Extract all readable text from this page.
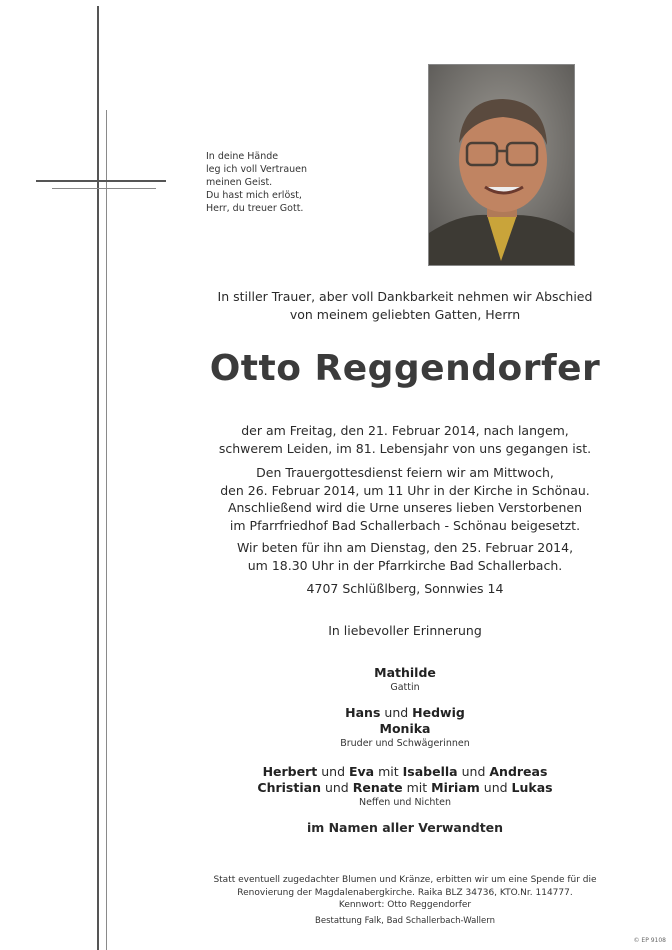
In deine Hände
leg ich voll Vertrauen
meinen Geist.
Du hast mich erlöst,
Herr, du treuer Gott.
In stiller Trauer, aber voll Dankbarkeit nehmen wir Abschied
von meinem geliebten Gatten, Herrn
Otto Reggendorfer
der am Freitag, den 21. Februar 2014, nach langem,
schwerem Leiden, im 81. Lebensjahr von uns gegangen ist.
Den Trauergottesdienst feiern wir am Mittwoch,
den 26. Februar 2014, um 11 Uhr in der Kirche in Schönau.
Anschließend wird die Urne unseres lieben Verstorbenen
im Pfarrfriedhof Bad Schallerbach - Schönau beigesetzt.
Wir beten für ihn am Dienstag, den 25. Februar 2014,
um 18.30 Uhr in der Pfarrkirche Bad Schallerbach.
4707 Schlüßlberg, Sonnwies 14
In liebevoller Erinnerung
Mathilde
Gattin
Hans und Hedwig
Monika
Bruder und Schwägerinnen
Herbert und Eva mit Isabella und Andreas
Christian und Renate mit Miriam und Lukas
Neffen und Nichten
im Namen aller Verwandten
Statt eventuell zugedachter Blumen und Kränze, erbitten wir um eine Spende für die
Renovierung der Magdalenabergkirche. Raika BLZ 34736, KTO.Nr. 114777.
Kennwort: Otto Reggendorfer
Bestattung Falk, Bad Schallerbach-Wallern
© EP 9108
